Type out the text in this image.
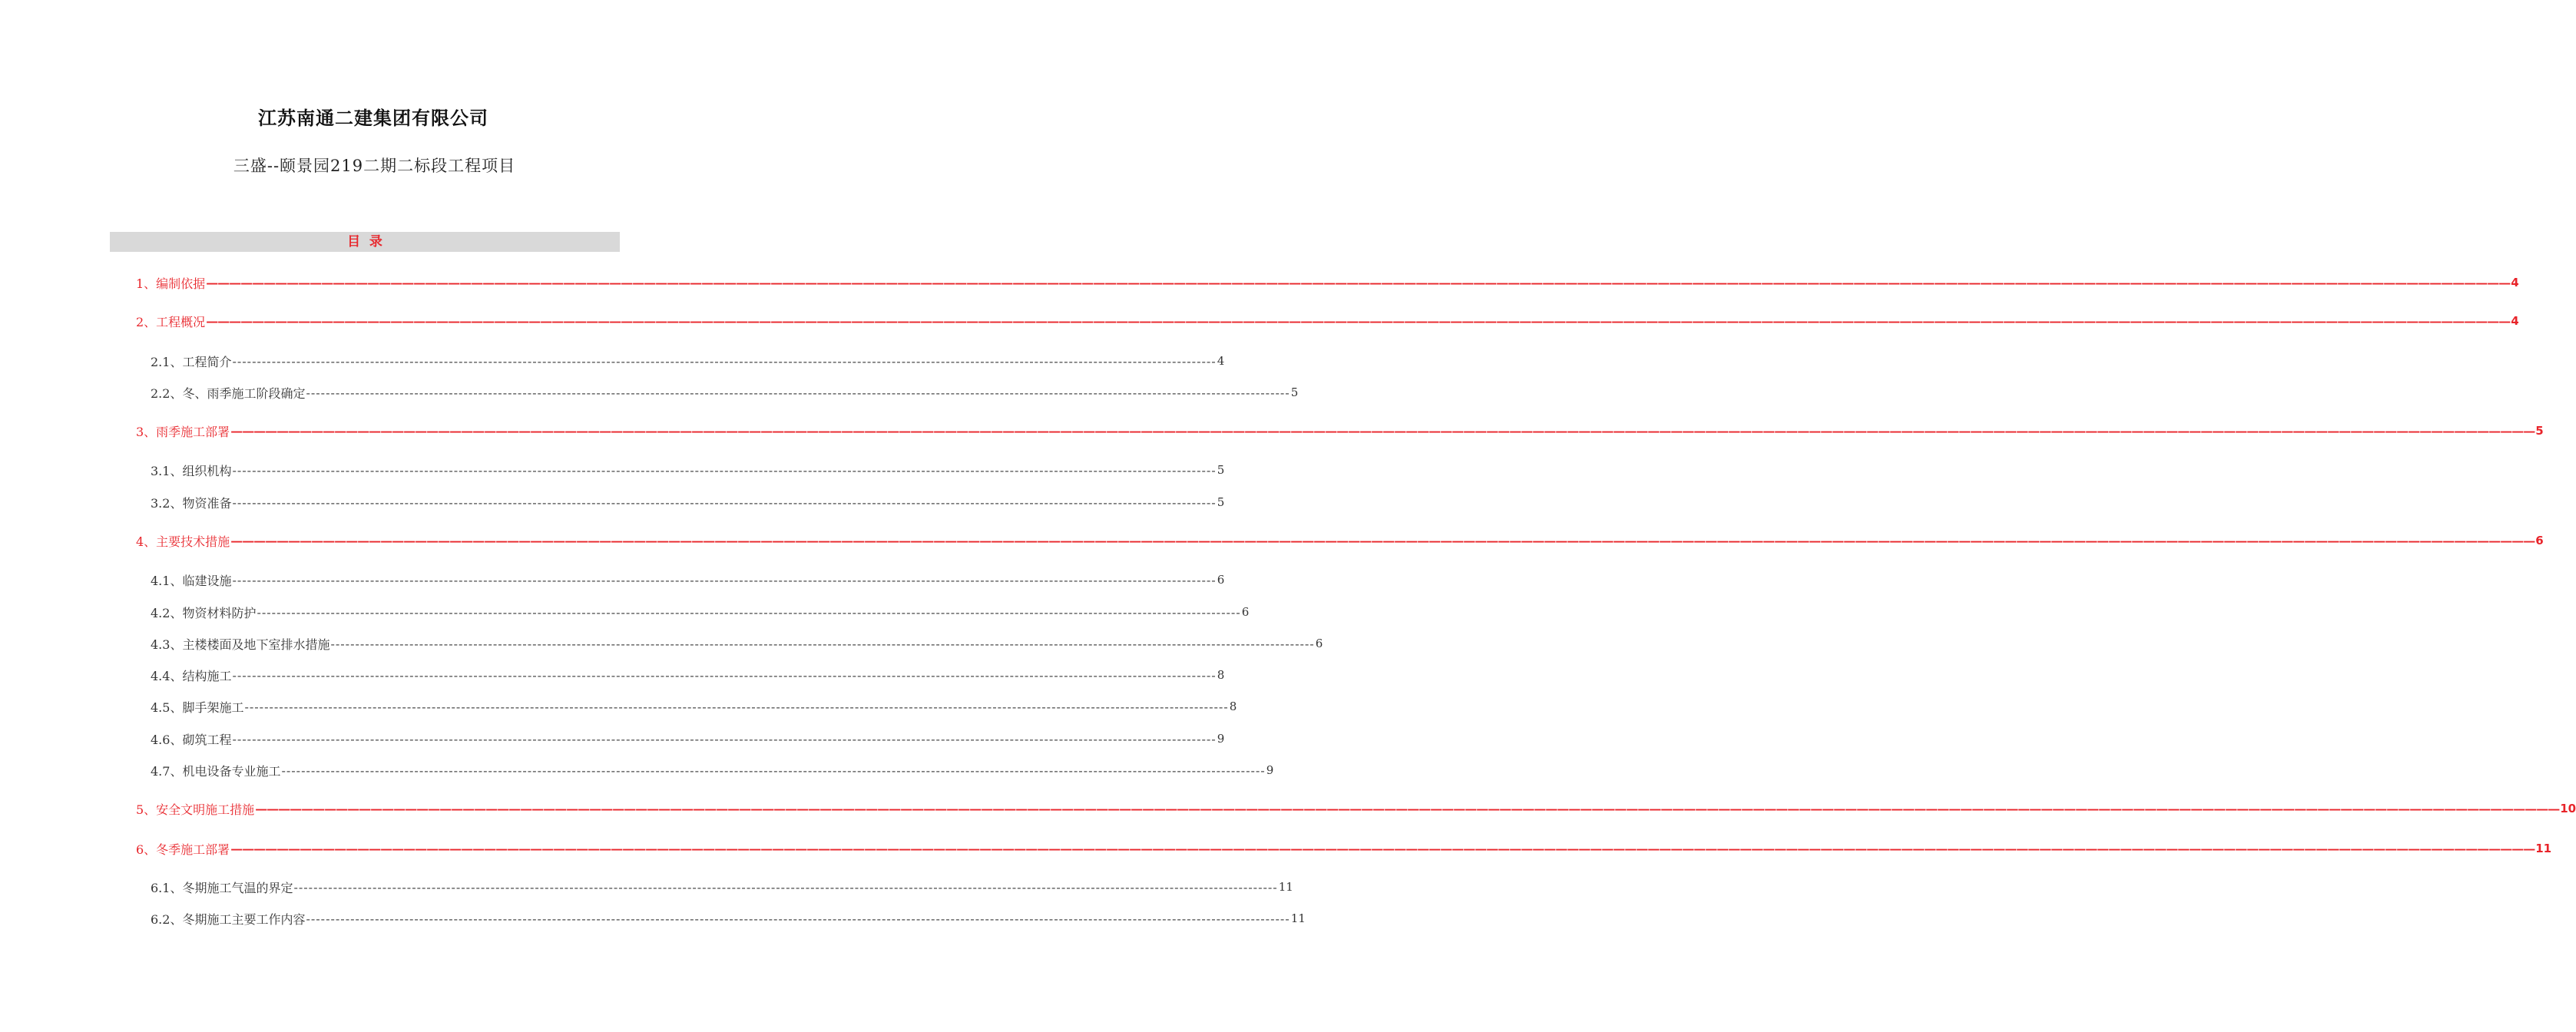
江苏南通二建集团有限公司
三盛--颐景园219二期二标段工程项目
目  录
1、编制依据 ———————————————————————————————————————————————————————————————————————————————————————————————————————————————————————————————————————————————————————————————————————————————————————————————————————— 4
2、工程概况 ———————————————————————————————————————————————————————————————————————————————————————————————————————————————————————————————————————————————————————————————————————————————————————————————————————— 4
2.1、工程简介 -------------------------------------------------------------------------------------------------------------------------------------------------------------------------------------------------------- 4
2.2、冬、雨季施工阶段确定 -------------------------------------------------------------------------------------------------------------------------------------------------------------------------------------------------------- 5
3、雨季施工部署 ———————————————————————————————————————————————————————————————————————————————————————————————————————————————————————————————————————————————————————————————————————————————————————————————————————— 5
3.1、组织机构 -------------------------------------------------------------------------------------------------------------------------------------------------------------------------------------------------------- 5
3.2、物资准备 -------------------------------------------------------------------------------------------------------------------------------------------------------------------------------------------------------- 5
4、主要技术措施 ———————————————————————————————————————————————————————————————————————————————————————————————————————————————————————————————————————————————————————————————————————————————————————————————————————— 6
4.1、临建设施 -------------------------------------------------------------------------------------------------------------------------------------------------------------------------------------------------------- 6
4.2、物资材料防护 -------------------------------------------------------------------------------------------------------------------------------------------------------------------------------------------------------- 6
4.3、主楼楼面及地下室排水措施 -------------------------------------------------------------------------------------------------------------------------------------------------------------------------------------------------------- 6
4.4、结构施工 -------------------------------------------------------------------------------------------------------------------------------------------------------------------------------------------------------- 8
4.5、脚手架施工 -------------------------------------------------------------------------------------------------------------------------------------------------------------------------------------------------------- 8
4.6、砌筑工程 -------------------------------------------------------------------------------------------------------------------------------------------------------------------------------------------------------- 9
4.7、机电设备专业施工 -------------------------------------------------------------------------------------------------------------------------------------------------------------------------------------------------------- 9
5、安全文明施工措施 ———————————————————————————————————————————————————————————————————————————————————————————————————————————————————————————————————————————————————————————————————————————————————————————————————————— 10
6、冬季施工部署 ———————————————————————————————————————————————————————————————————————————————————————————————————————————————————————————————————————————————————————————————————————————————————————————————————————— 11
6.1、冬期施工气温的界定 -------------------------------------------------------------------------------------------------------------------------------------------------------------------------------------------------------- 11
6.2、冬期施工主要工作内容 -------------------------------------------------------------------------------------------------------------------------------------------------------------------------------------------------------- 11
